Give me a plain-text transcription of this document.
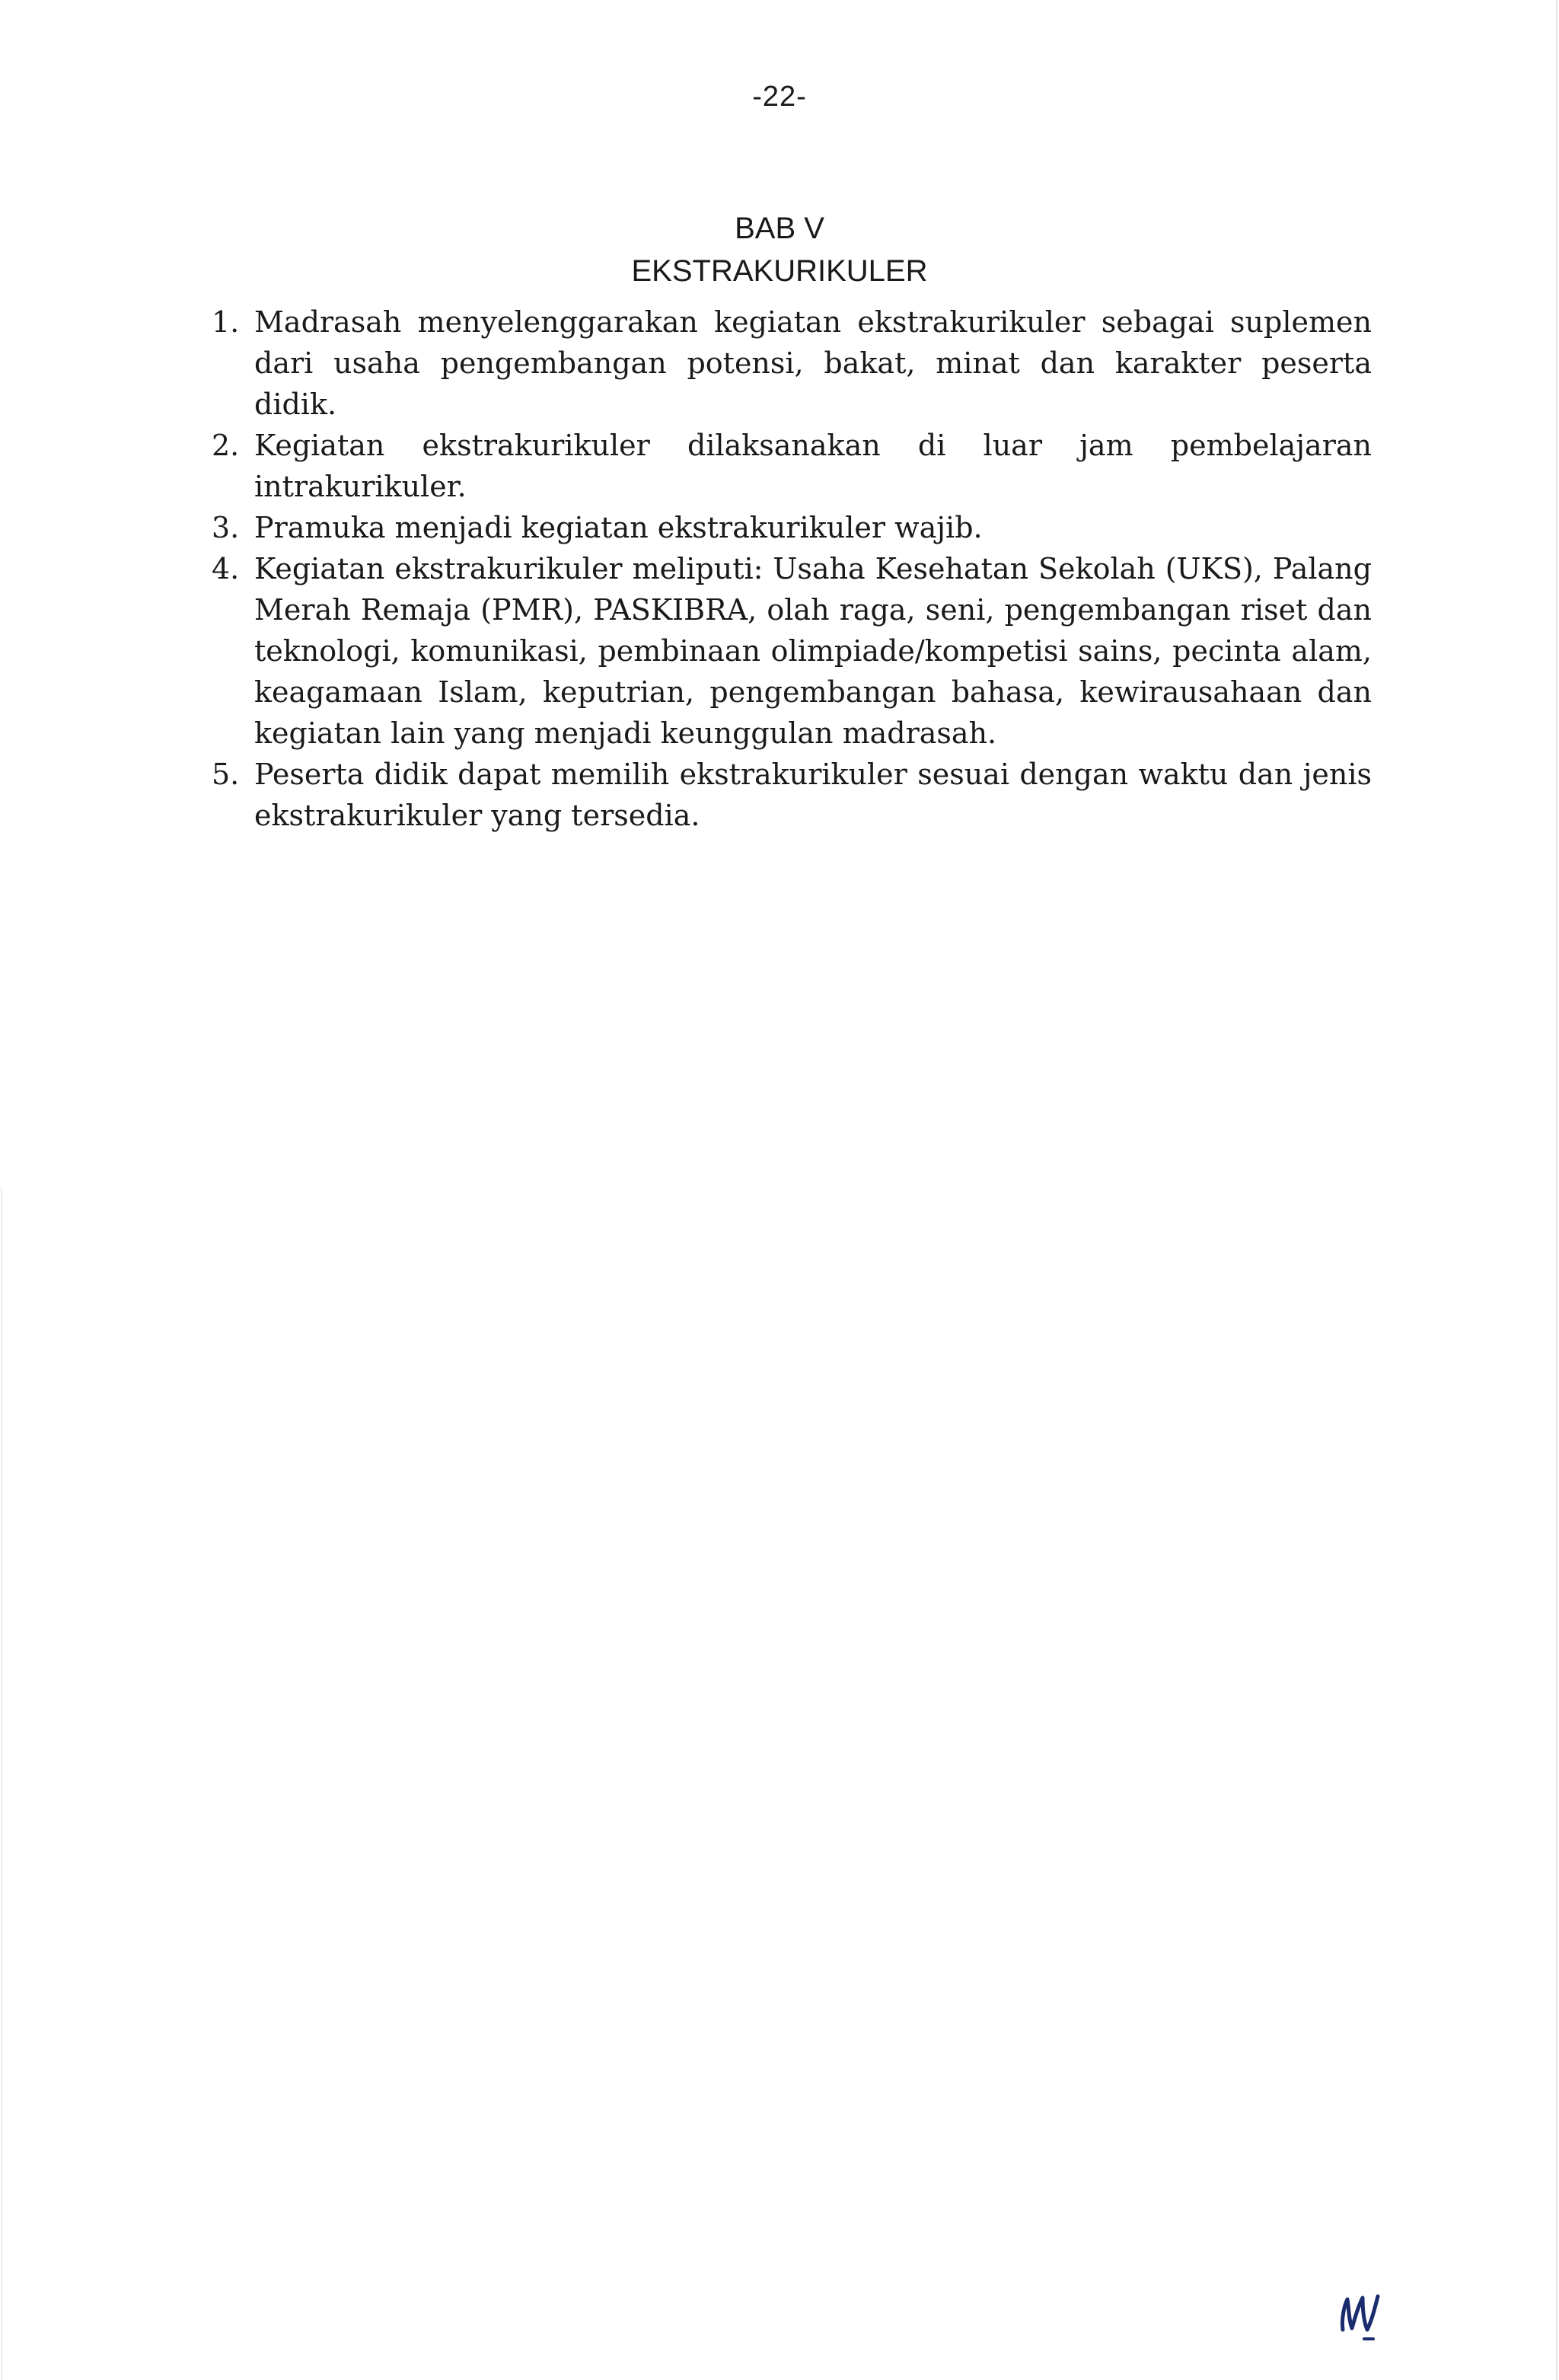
-22-
BAB V
EKSTRAKURIKULER
1. Madrasah menyelenggarakan kegiatan ekstrakurikuler sebagai suplemen dari usaha pengembangan potensi, bakat, minat dan karakter peserta didik.
2. Kegiatan ekstrakurikuler dilaksanakan di luar jam pembelajaran intrakurikuler.
3. Pramuka menjadi kegiatan ekstrakurikuler wajib.
4. Kegiatan ekstrakurikuler meliputi: Usaha Kesehatan Sekolah (UKS), Palang Merah Remaja (PMR), PASKIBRA, olah raga, seni, pengembangan riset dan teknologi, komunikasi, pembinaan olimpiade/kompetisi sains, pecinta alam, keagamaan Islam, keputrian, pengembangan bahasa, kewirausahaan dan kegiatan lain yang menjadi keunggulan madrasah.
5. Peserta didik dapat memilih ekstrakurikuler sesuai dengan waktu dan jenis ekstrakurikuler yang tersedia.
